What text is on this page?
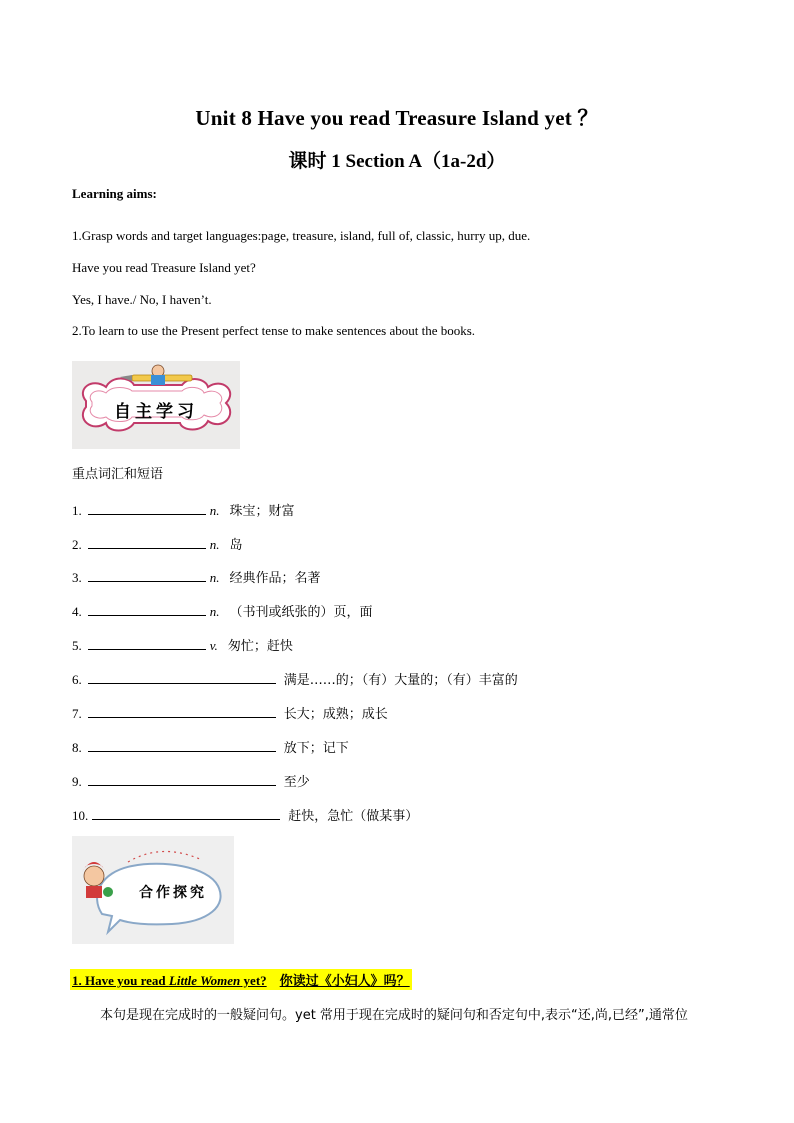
Unit 8 Have you read Treasure Island yet ？
课时 1 Section A（1a-2d）
Learning aims:
1.Grasp words and target languages:page, treasure, island, full of, classic, hurry up, due.
Have you read Treasure Island yet?
Yes, I have./ No, I haven’t.
2.To learn to use the Present perfect tense to make sentences about the books.
自主学习
重点词汇和短语
1.	n. 珠宝；财富
2.	n. 岛
3.	n. 经典作品；名著
4.	n. （书刊或纸张的）页，面
5.	v. 匆忙；赶快
6.	满是……的；（有）大量的；（有）丰富的
7.	长大；成熟；成长
8.	放下；记下
9.	至少
10.	赶快，急忙（做某事）
合作探究
1. Have you read Little Women yet? 你读过《小妇人》吗？
本句是现在完成时的一般疑问句。yet 常用于现在完成时的疑问句和否定句中,表示“还,尚,已经”,通常位
